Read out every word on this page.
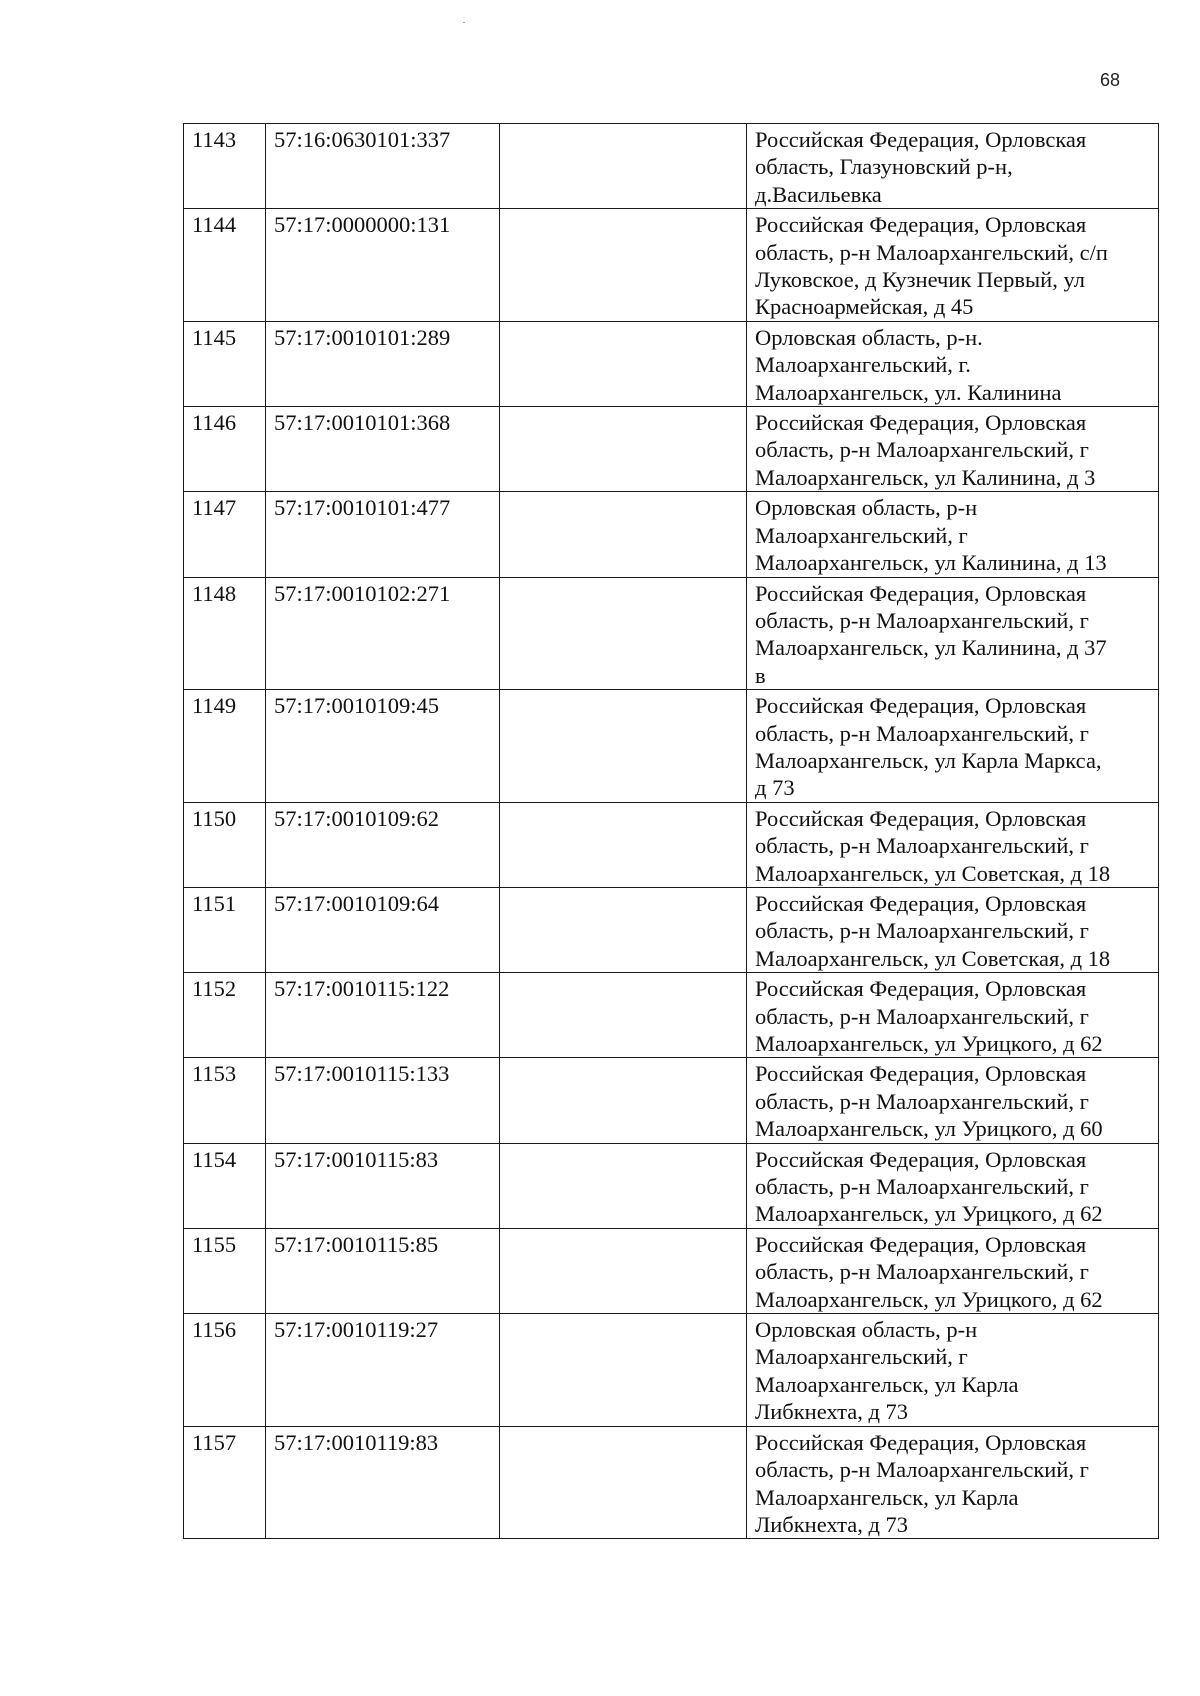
68
1143	57:16:0630101:337		Российская Федерация, Орловская
область, Глазуновский р-н,
д.Васильевка
1144	57:17:0000000:131		Российская Федерация, Орловская
область, р-н Малоархангельский, с/п
Луковское, д Кузнечик Первый, ул
Красноармейская, д 45
1145	57:17:0010101:289		Орловская область, р-н.
Малоархангельский, г.
Малоархангельск, ул. Калинина
1146	57:17:0010101:368		Российская Федерация, Орловская
область, р-н Малоархангельский, г
Малоархангельск, ул Калинина, д 3
1147	57:17:0010101:477		Орловская область, р-н
Малоархангельский, г
Малоархангельск, ул Калинина, д 13
1148	57:17:0010102:271		Российская Федерация, Орловская
область, р-н Малоархангельский, г
Малоархангельск, ул Калинина, д 37
в
1149	57:17:0010109:45		Российская Федерация, Орловская
область, р-н Малоархангельский, г
Малоархангельск, ул Карла Маркса,
д 73
1150	57:17:0010109:62		Российская Федерация, Орловская
область, р-н Малоархангельский, г
Малоархангельск, ул Советская, д 18
1151	57:17:0010109:64		Российская Федерация, Орловская
область, р-н Малоархангельский, г
Малоархангельск, ул Советская, д 18
1152	57:17:0010115:122		Российская Федерация, Орловская
область, р-н Малоархангельский, г
Малоархангельск, ул Урицкого, д 62
1153	57:17:0010115:133		Российская Федерация, Орловская
область, р-н Малоархангельский, г
Малоархангельск, ул Урицкого, д 60
1154	57:17:0010115:83		Российская Федерация, Орловская
область, р-н Малоархангельский, г
Малоархангельск, ул Урицкого, д 62
1155	57:17:0010115:85		Российская Федерация, Орловская
область, р-н Малоархангельский, г
Малоархангельск, ул Урицкого, д 62
1156	57:17:0010119:27		Орловская область, р-н
Малоархангельский, г
Малоархангельск, ул Карла
Либкнехта, д 73
1157	57:17:0010119:83		Российская Федерация, Орловская
область, р-н Малоархангельский, г
Малоархангельск, ул Карла
Либкнехта, д 73
